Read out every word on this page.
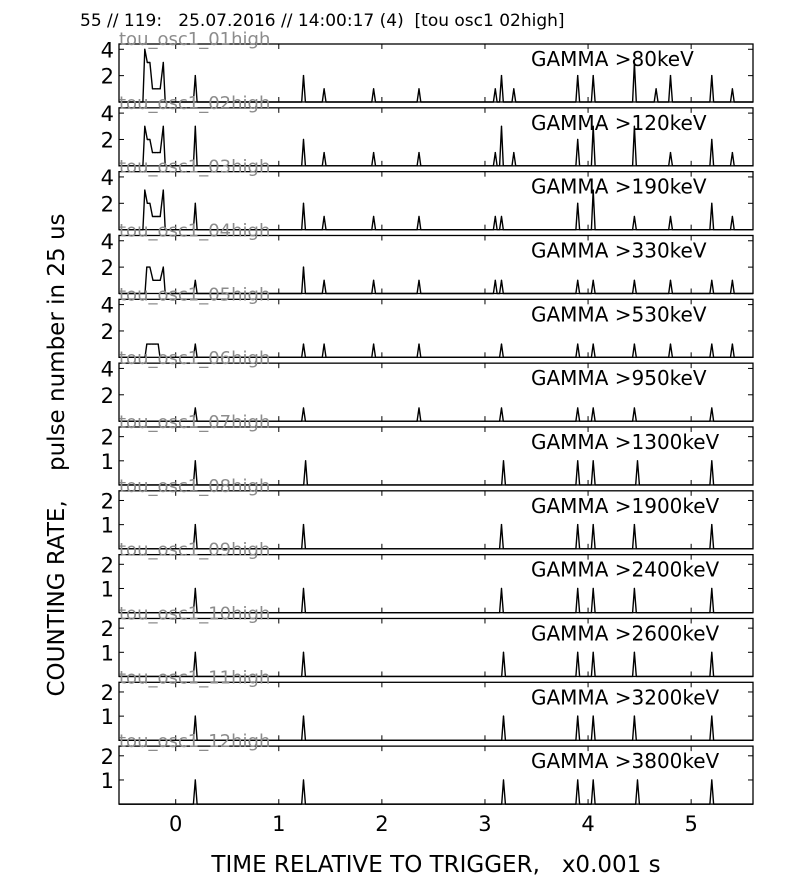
55 // 119:   25.07.2016 // 14:00:17 (4)  [tou osc1 02high]
COUNTING RATE,    pulse number in 25 us
TIME RELATIVE TO TRIGGER,   x0.001 s
2
4	GAMMA >80keV
tou_osc1_01high
2
4	GAMMA >120keV
tou_osc1_02high
2
4	GAMMA >190keV
tou_osc1_03high
2
4	GAMMA >330keV
tou_osc1_04high
2
4	GAMMA >530keV
tou_osc1_05high
2
4	GAMMA >950keV
tou_osc1_06high
1
2	GAMMA >1300keV
tou_osc1_07high
1
2	GAMMA >1900keV
tou_osc1_08high
1
2	GAMMA >2400keV
tou_osc1_09high
1
2	GAMMA >2600keV
tou_osc1_10high
1
2	GAMMA >3200keV
tou_osc1_11high
1
2	GAMMA >3800keV
tou_osc1_12high
0	1	2	3	4	5
